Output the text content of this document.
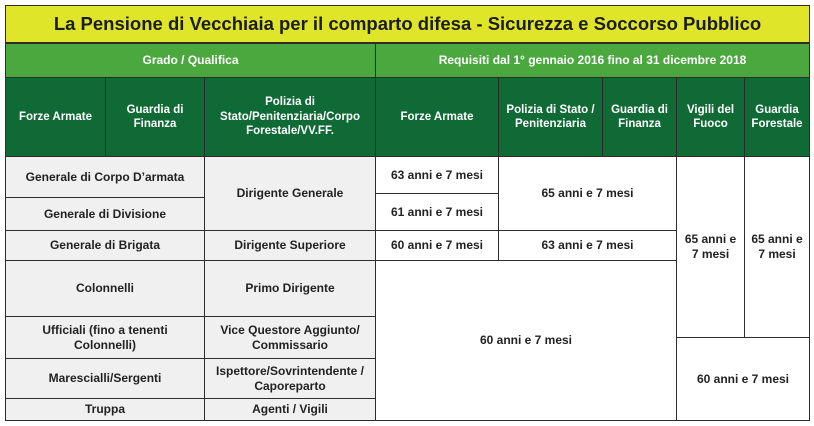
La Pensione di Vecchiaia per il comparto difesa - Sicurezza e Soccorso Pubblico
Grado / Qualifica	Requisiti dal 1° gennaio 2016 fino al 31 dicembre 2018
Forze Armate
Guardia di Finanza
Polizia di Stato/Penitenziaria/Corpo Forestale/VV.FF.
Forze Armate
Polizia di Stato / Penitenziaria
Guardia di Finanza
Vigili del Fuoco
Guardia Forestale
Generale di Corpo D’armata
Generale di Divisione
Generale di Brigata
Colonnelli
Ufficiali (fino a tenenti Colonnelli)
Marescialli/Sergenti
Truppa
Dirigente Generale
Dirigente Superiore
Primo Dirigente
Vice Questore Aggiunto/ Commissario
Ispettore/Sovrintendente / Caporeparto
Agenti / Vigili
63 anni e 7 mesi
61 anni e 7 mesi
60 anni e 7 mesi
65 anni e 7 mesi
63 anni e 7 mesi	65 anni e 7 mesi
65 anni e 7 mesi
60 anni e 7 mesi
60 anni e 7 mesi
